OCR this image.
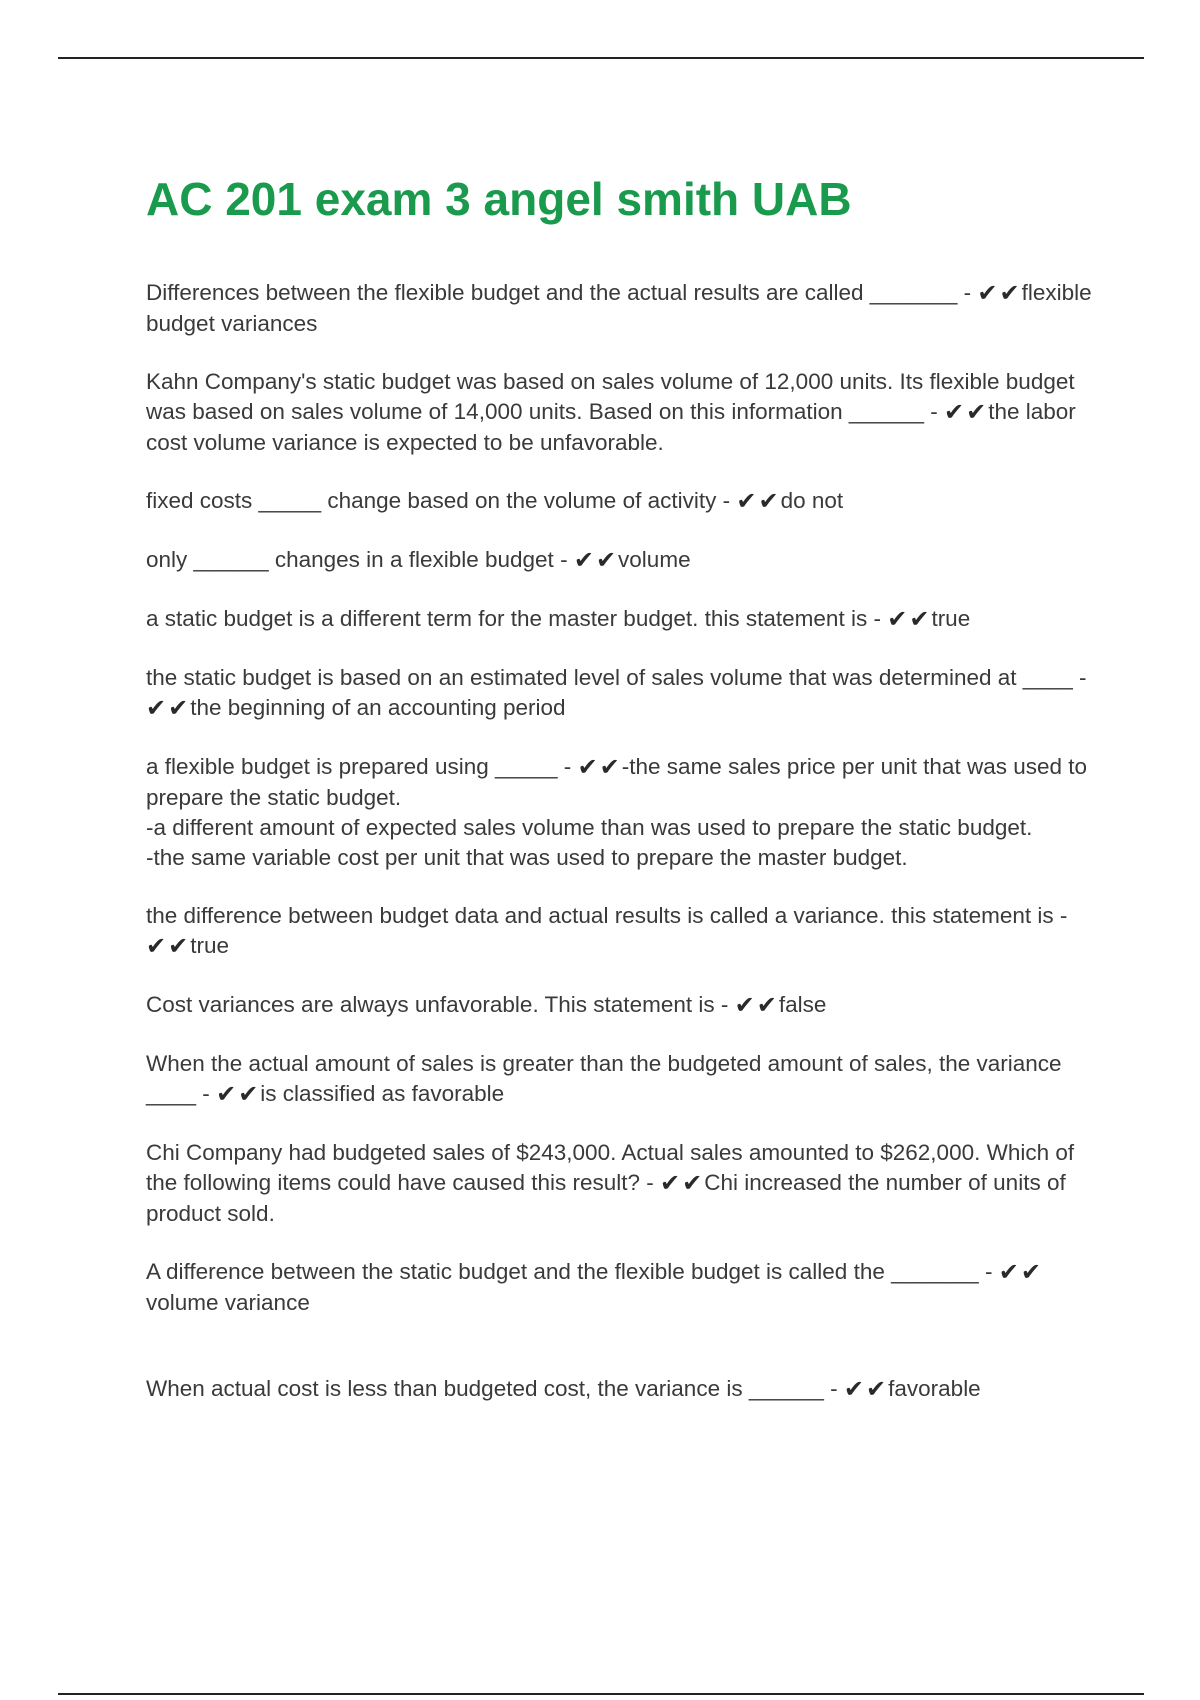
AC 201 exam 3 angel smith UAB
Differences between the flexible budget and the actual results are called _______ - ✔✔flexible budget variances
Kahn Company's static budget was based on sales volume of 12,000 units. Its flexible budget was based on sales volume of 14,000 units. Based on this information ______ - ✔✔the labor cost volume variance is expected to be unfavorable.
fixed costs _____ change based on the volume of activity - ✔✔do not
only ______ changes in a flexible budget - ✔✔volume
a static budget is a different term for the master budget. this statement is - ✔✔true
the static budget is based on an estimated level of sales volume that was determined at ____ - ✔✔the beginning of an accounting period
a flexible budget is prepared using _____ - ✔✔-the same sales price per unit that was used to prepare the static budget.
-a different amount of expected sales volume than was used to prepare the static budget.
-the same variable cost per unit that was used to prepare the master budget.
the difference between budget data and actual results is called a variance. this statement is - ✔✔true
Cost variances are always unfavorable. This statement is - ✔✔false
When the actual amount of sales is greater than the budgeted amount of sales, the variance ____ - ✔✔is classified as favorable
Chi Company had budgeted sales of $243,000. Actual sales amounted to $262,000. Which of the following items could have caused this result? - ✔✔Chi increased the number of units of product sold.
A difference between the static budget and the flexible budget is called the _______ - ✔✔volume variance
When actual cost is less than budgeted cost, the variance is ______ - ✔✔favorable
